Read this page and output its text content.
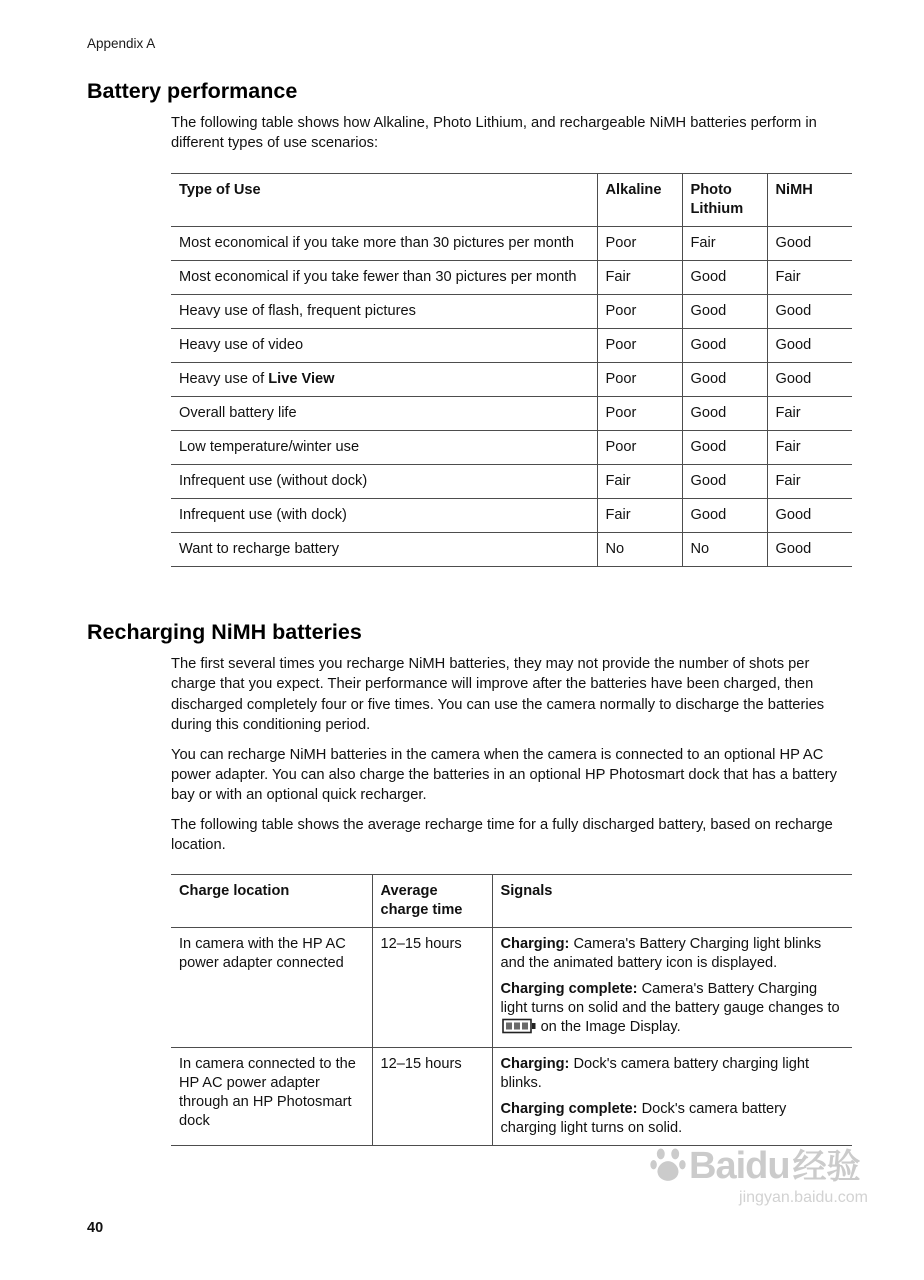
Appendix A
Battery performance

The following table shows how Alkaline, Photo Lithium, and rechargeable NiMH batteries perform in different types of use scenarios:

Type of Use	Alkaline	Photo Lithium	NiMH
Most economical if you take more than 30 pictures per month	Poor	Fair	Good
Most economical if you take fewer than 30 pictures per month	Fair	Good	Fair
Heavy use of flash, frequent pictures	Poor	Good	Good
Heavy use of video	Poor	Good	Good
Heavy use of Live View	Poor	Good	Good
Overall battery life	Poor	Good	Fair
Low temperature/winter use	Poor	Good	Fair
Infrequent use (without dock)	Fair	Good	Fair
Infrequent use (with dock)	Fair	Good	Good
Want to recharge battery	No	No	Good
Recharging NiMH batteries

The first several times you recharge NiMH batteries, they may not provide the number of shots per charge that you expect. Their performance will improve after the batteries have been charged, then discharged completely four or five times. You can use the camera normally to discharge the batteries during this conditioning period.

You can recharge NiMH batteries in the camera when the camera is connected to an optional HP AC power adapter. You can also charge the batteries in an optional HP Photosmart dock that has a battery bay or with an optional quick recharger.

The following table shows the average recharge time for a fully discharged battery, based on recharge location.

Charge location	Average charge time	Signals
In camera with the HP AC power adapter connected	12–15 hours	Charging: Camera's Battery Charging light blinks and the animated battery icon is displayed.

Charging complete: Camera's Battery Charging light turns on solid and the battery gauge changes to  on the Image Display.

In camera connected to the HP AC power adapter through an HP Photosmart dock	12–15 hours	Charging: Dock's camera battery charging light blinks.

Charging complete: Dock's camera battery charging light turns on solid.

40
Baidu 经验
jingyan.baidu.com
